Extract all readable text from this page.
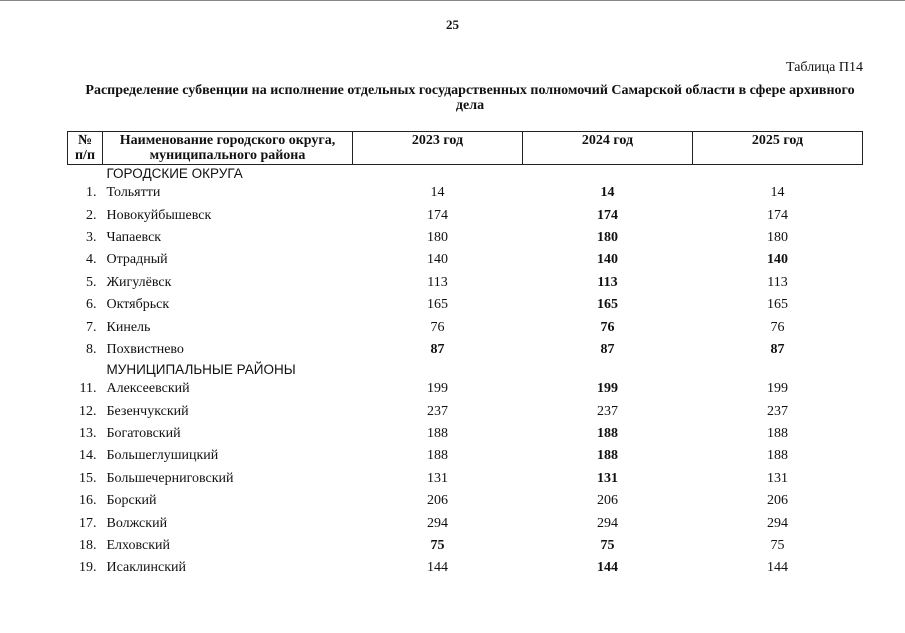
25
Таблица П14
Распределение субвенции на исполнение отдельных государственных полномочий Самарской области в сфере архивного дела
№ п/п	Наименование городского округа, муниципального района	2023 год	2024 год	2025 год
	ГОРОДСКИЕ ОКРУГА			
1.	Тольятти	14	14	14
2.	Новокуйбышевск	174	174	174
3.	Чапаевск	180	180	180
4.	Отрадный	140	140	140
5.	Жигулёвск	113	113	113
6.	Октябрьск	165	165	165
7.	Кинель	76	76	76
8.	Похвистнево	87	87	87
	МУНИЦИПАЛЬНЫЕ РАЙОНЫ			
11.	Алексеевский	199	199	199
12.	Безенчукский	237	237	237
13.	Богатовский	188	188	188
14.	Большеглушицкий	188	188	188
15.	Большечерниговский	131	131	131
16.	Борский	206	206	206
17.	Волжский	294	294	294
18.	Елховский	75	75	75
19.	Исаклинский	144	144	144
